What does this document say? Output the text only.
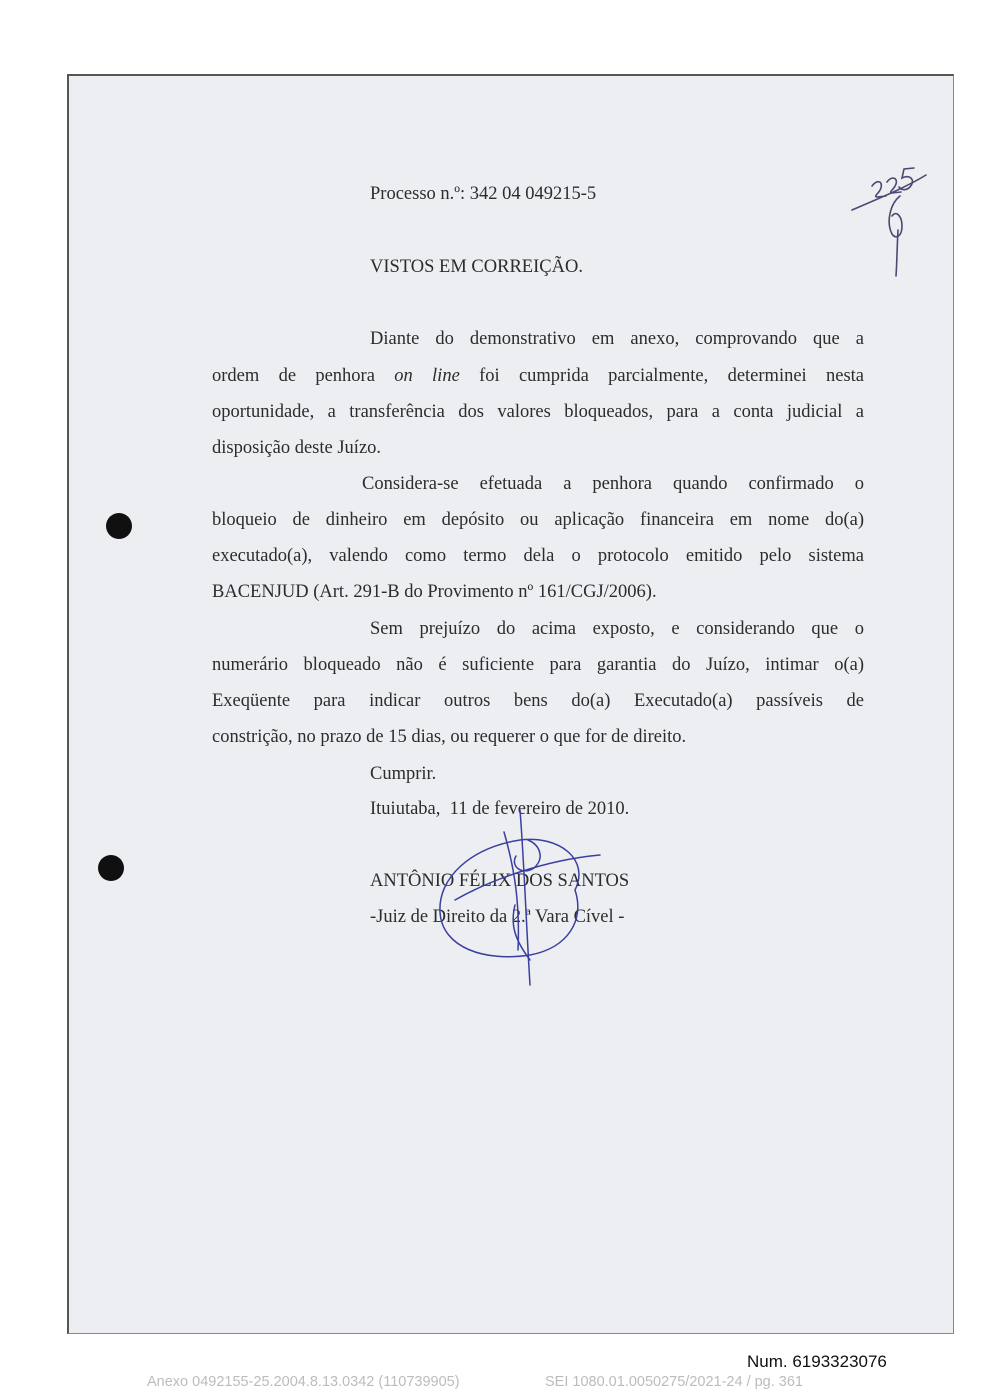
Processo n.º: 342 04 049215-5
VISTOS EM CORREIÇÃO.
Diante do demonstrativo em anexo, comprovando que a
ordem de penhora on line foi cumprida parcialmente, determinei nesta
oportunidade, a transferência dos valores bloqueados, para a conta judicial a
disposição deste Juízo.
Considera-se efetuada a penhora quando confirmado o
bloqueio de dinheiro em depósito ou aplicação financeira em nome do(a)
executado(a), valendo como termo dela o protocolo emitido pelo sistema
BACENJUD (Art. 291-B do Provimento nº 161/CGJ/2006).
Sem prejuízo do acima exposto, e considerando que o
numerário bloqueado não é suficiente para garantia do Juízo, intimar o(a)
Exeqüente para indicar outros bens do(a) Executado(a) passíveis de
constrição, no prazo de 15 dias, ou requerer o que for de direito.
Cumprir.
Ituiutaba,  11 de fevereiro de 2010.
ANTÔNIO FÉLIX DOS SANTOS
-Juiz de Direito da 2.ª Vara Cível -
Num. 6193323076
Anexo 0492155-25.2004.8.13.0342 (110739905)	SEI 1080.01.0050275/2021-24 / pg. 361
